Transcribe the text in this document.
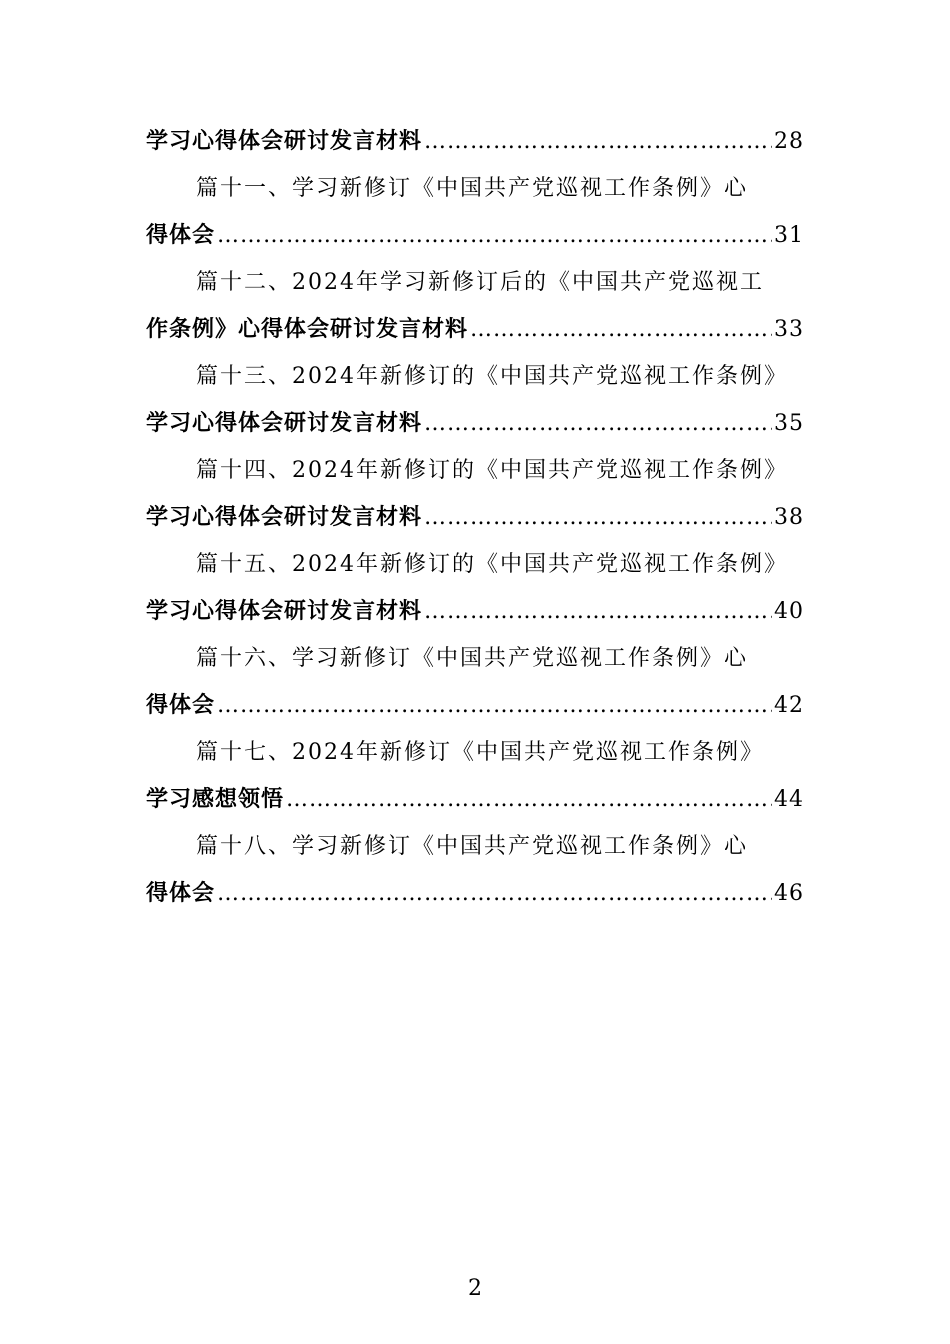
学习心得体会研讨发言材料 …………………………………………………………………………………………………………	28
篇十一、学习新修订《中国共产党巡视工作条例》心
得体会 …………………………………………………………………………………………………………	31
篇十二、2024年学习新修订后的《中国共产党巡视工
作条例》心得体会研讨发言材料 …………………………………………………………………………………………………………	33
篇十三、2024年新修订的《中国共产党巡视工作条例》
学习心得体会研讨发言材料 …………………………………………………………………………………………………………	35
篇十四、2024年新修订的《中国共产党巡视工作条例》
学习心得体会研讨发言材料 …………………………………………………………………………………………………………	38
篇十五、2024年新修订的《中国共产党巡视工作条例》
学习心得体会研讨发言材料 …………………………………………………………………………………………………………	40
篇十六、学习新修订《中国共产党巡视工作条例》心
得体会 …………………………………………………………………………………………………………	42
篇十七、2024年新修订《中国共产党巡视工作条例》
学习感想领悟 …………………………………………………………………………………………………………	44
篇十八、学习新修订《中国共产党巡视工作条例》心
得体会 …………………………………………………………………………………………………………	46
2
